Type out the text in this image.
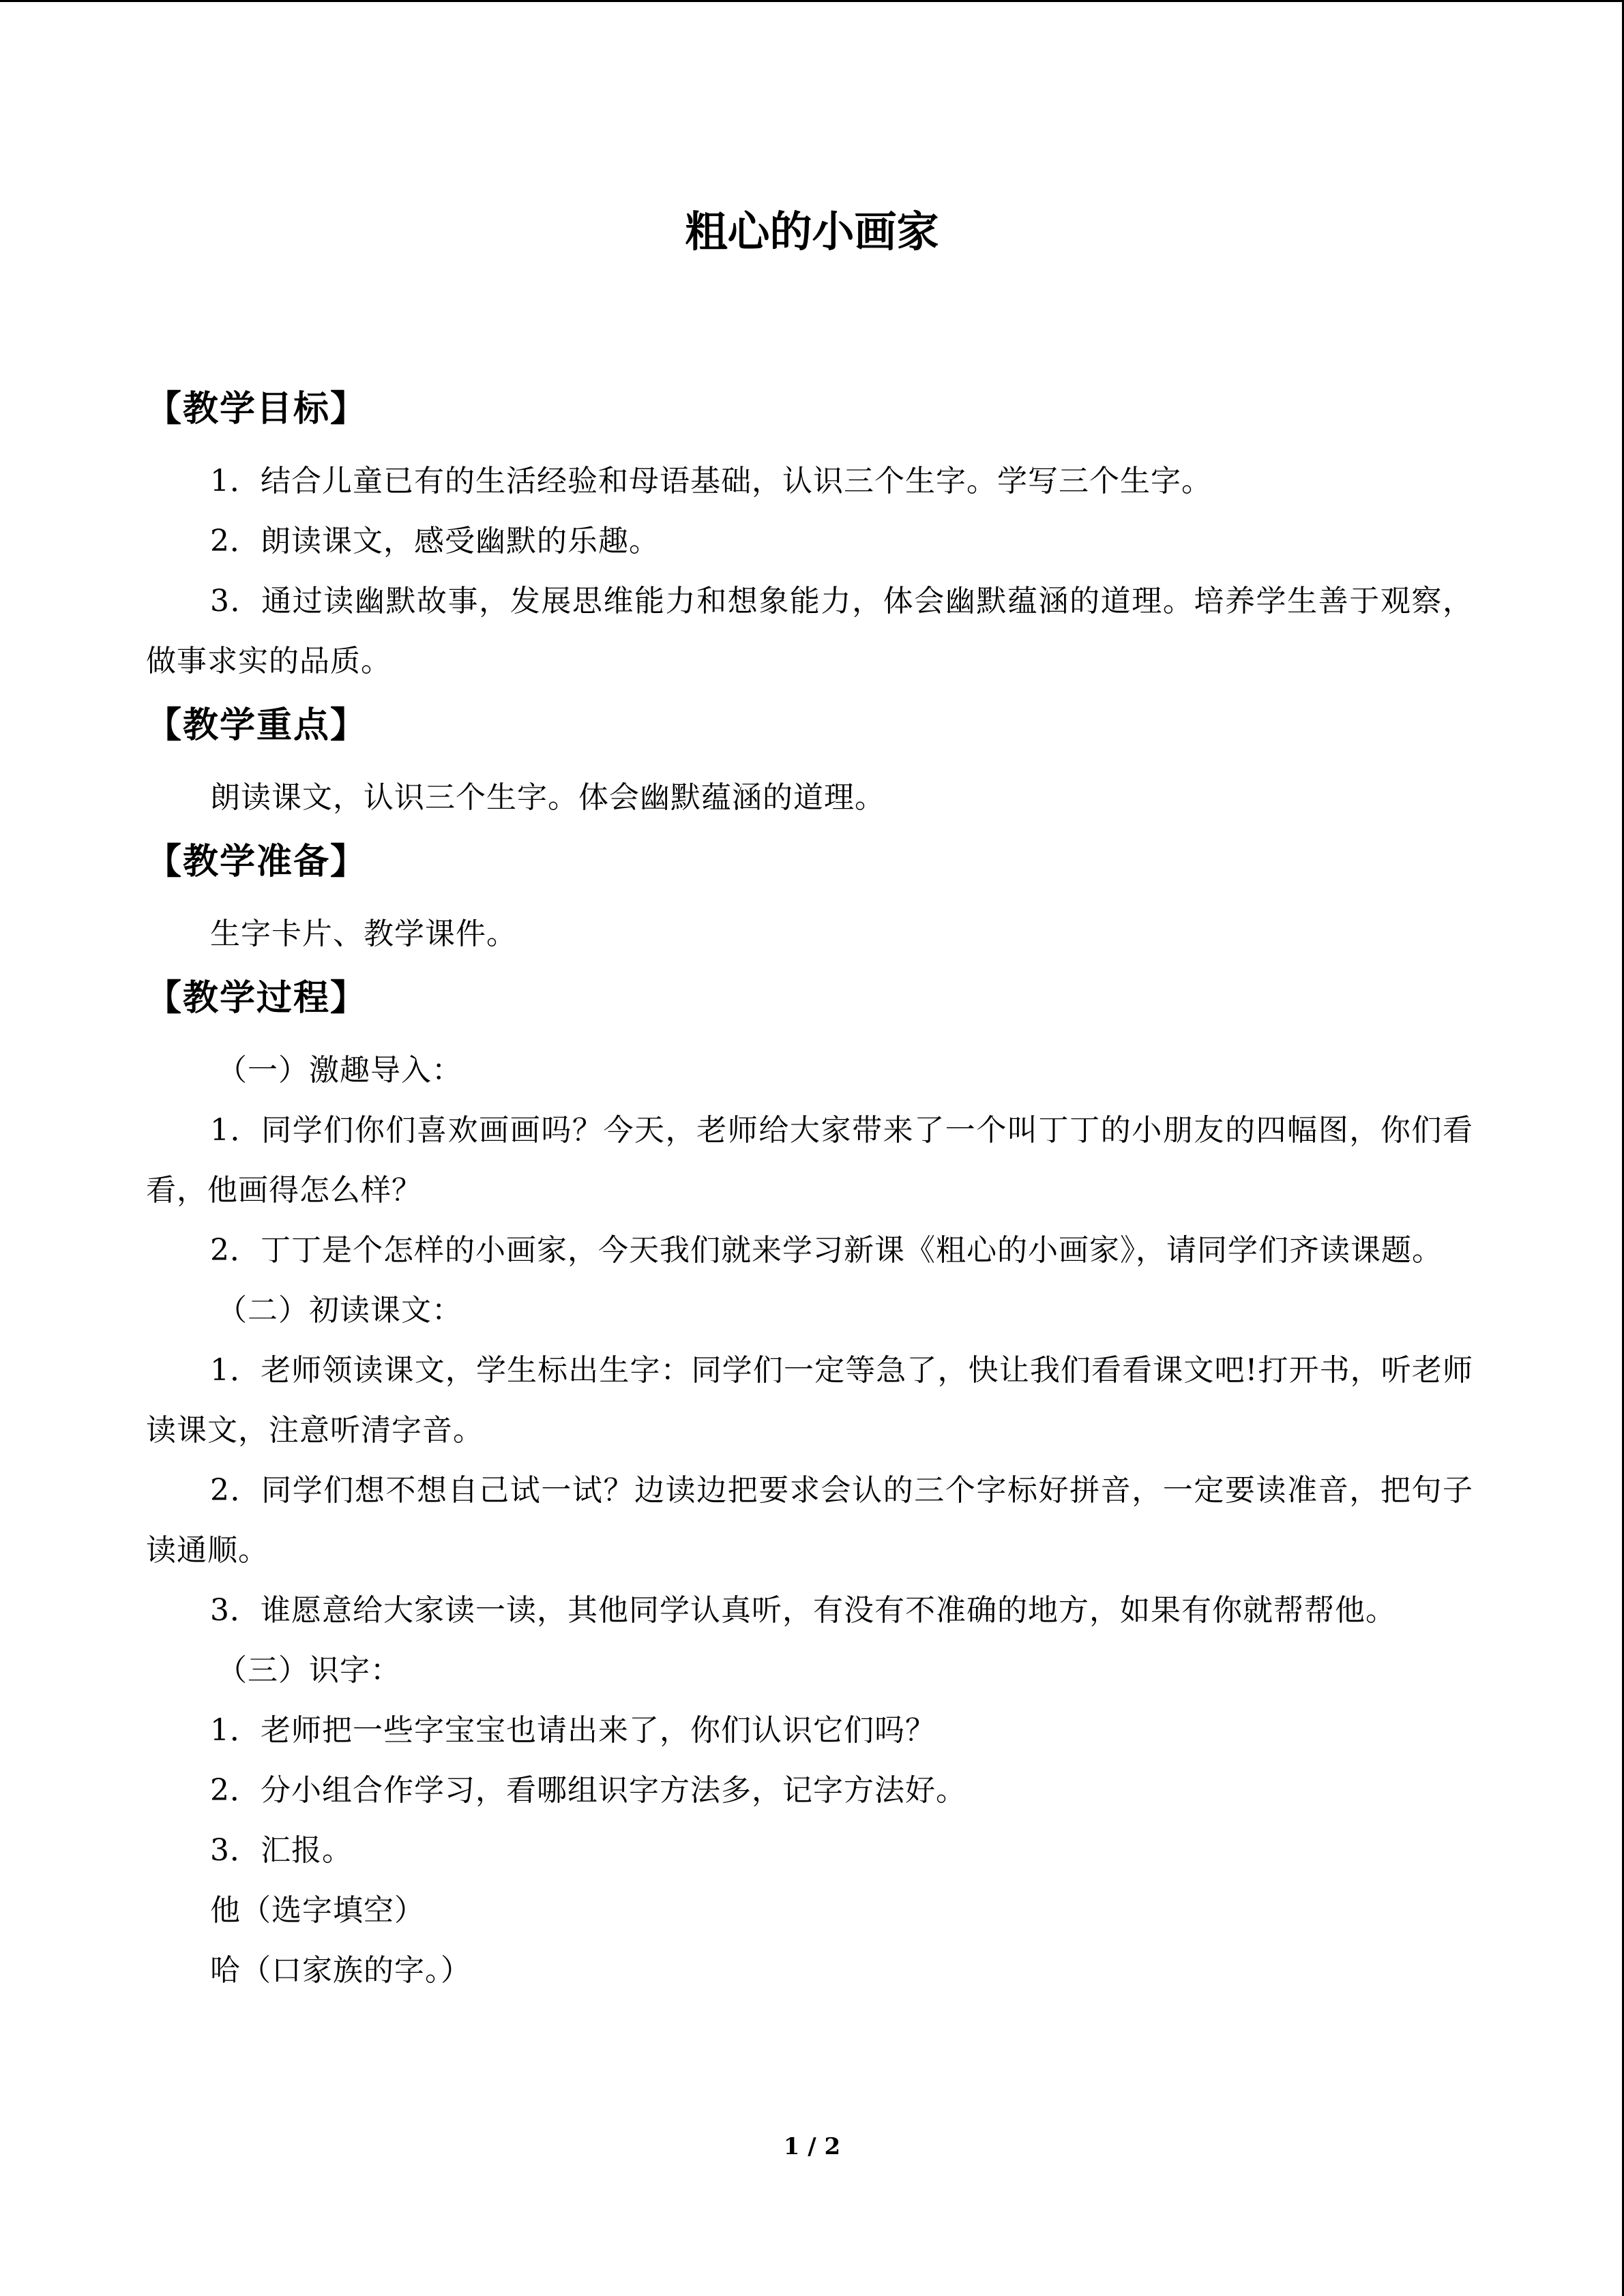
粗心的小画家
【教学目标】

1．结合儿童已有的生活经验和母语基础，认识三个生字。学写三个生字。

2．朗读课文，感受幽默的乐趣。

3．通过读幽默故事，发展思维能力和想象能力，体会幽默蕴涵的道理。培养学生善于观察，做事求实的品质。

【教学重点】

朗读课文，认识三个生字。体会幽默蕴涵的道理。

【教学准备】

生字卡片、教学课件。

【教学过程】

（一）激趣导入：

1．同学们你们喜欢画画吗？今天，老师给大家带来了一个叫丁丁的小朋友的四幅图，你们看看，他画得怎么样？

2．丁丁是个怎样的小画家，今天我们就来学习新课《粗心的小画家》，请同学们齐读课题。

（二）初读课文：

1．老师领读课文，学生标出生字：同学们一定等急了，快让我们看看课文吧!打开书，听老师读课文，注意听清字音。

2．同学们想不想自己试一试？边读边把要求会认的三个字标好拼音，一定要读准音，把句子读通顺。

3．谁愿意给大家读一读，其他同学认真听，有没有不准确的地方，如果有你就帮帮他。

（三）识字：

1．老师把一些字宝宝也请出来了，你们认识它们吗？

2．分小组合作学习，看哪组识字方法多，记字方法好。

3．汇报。

他（选字填空）

哈（口家族的字。）

1 / 2
